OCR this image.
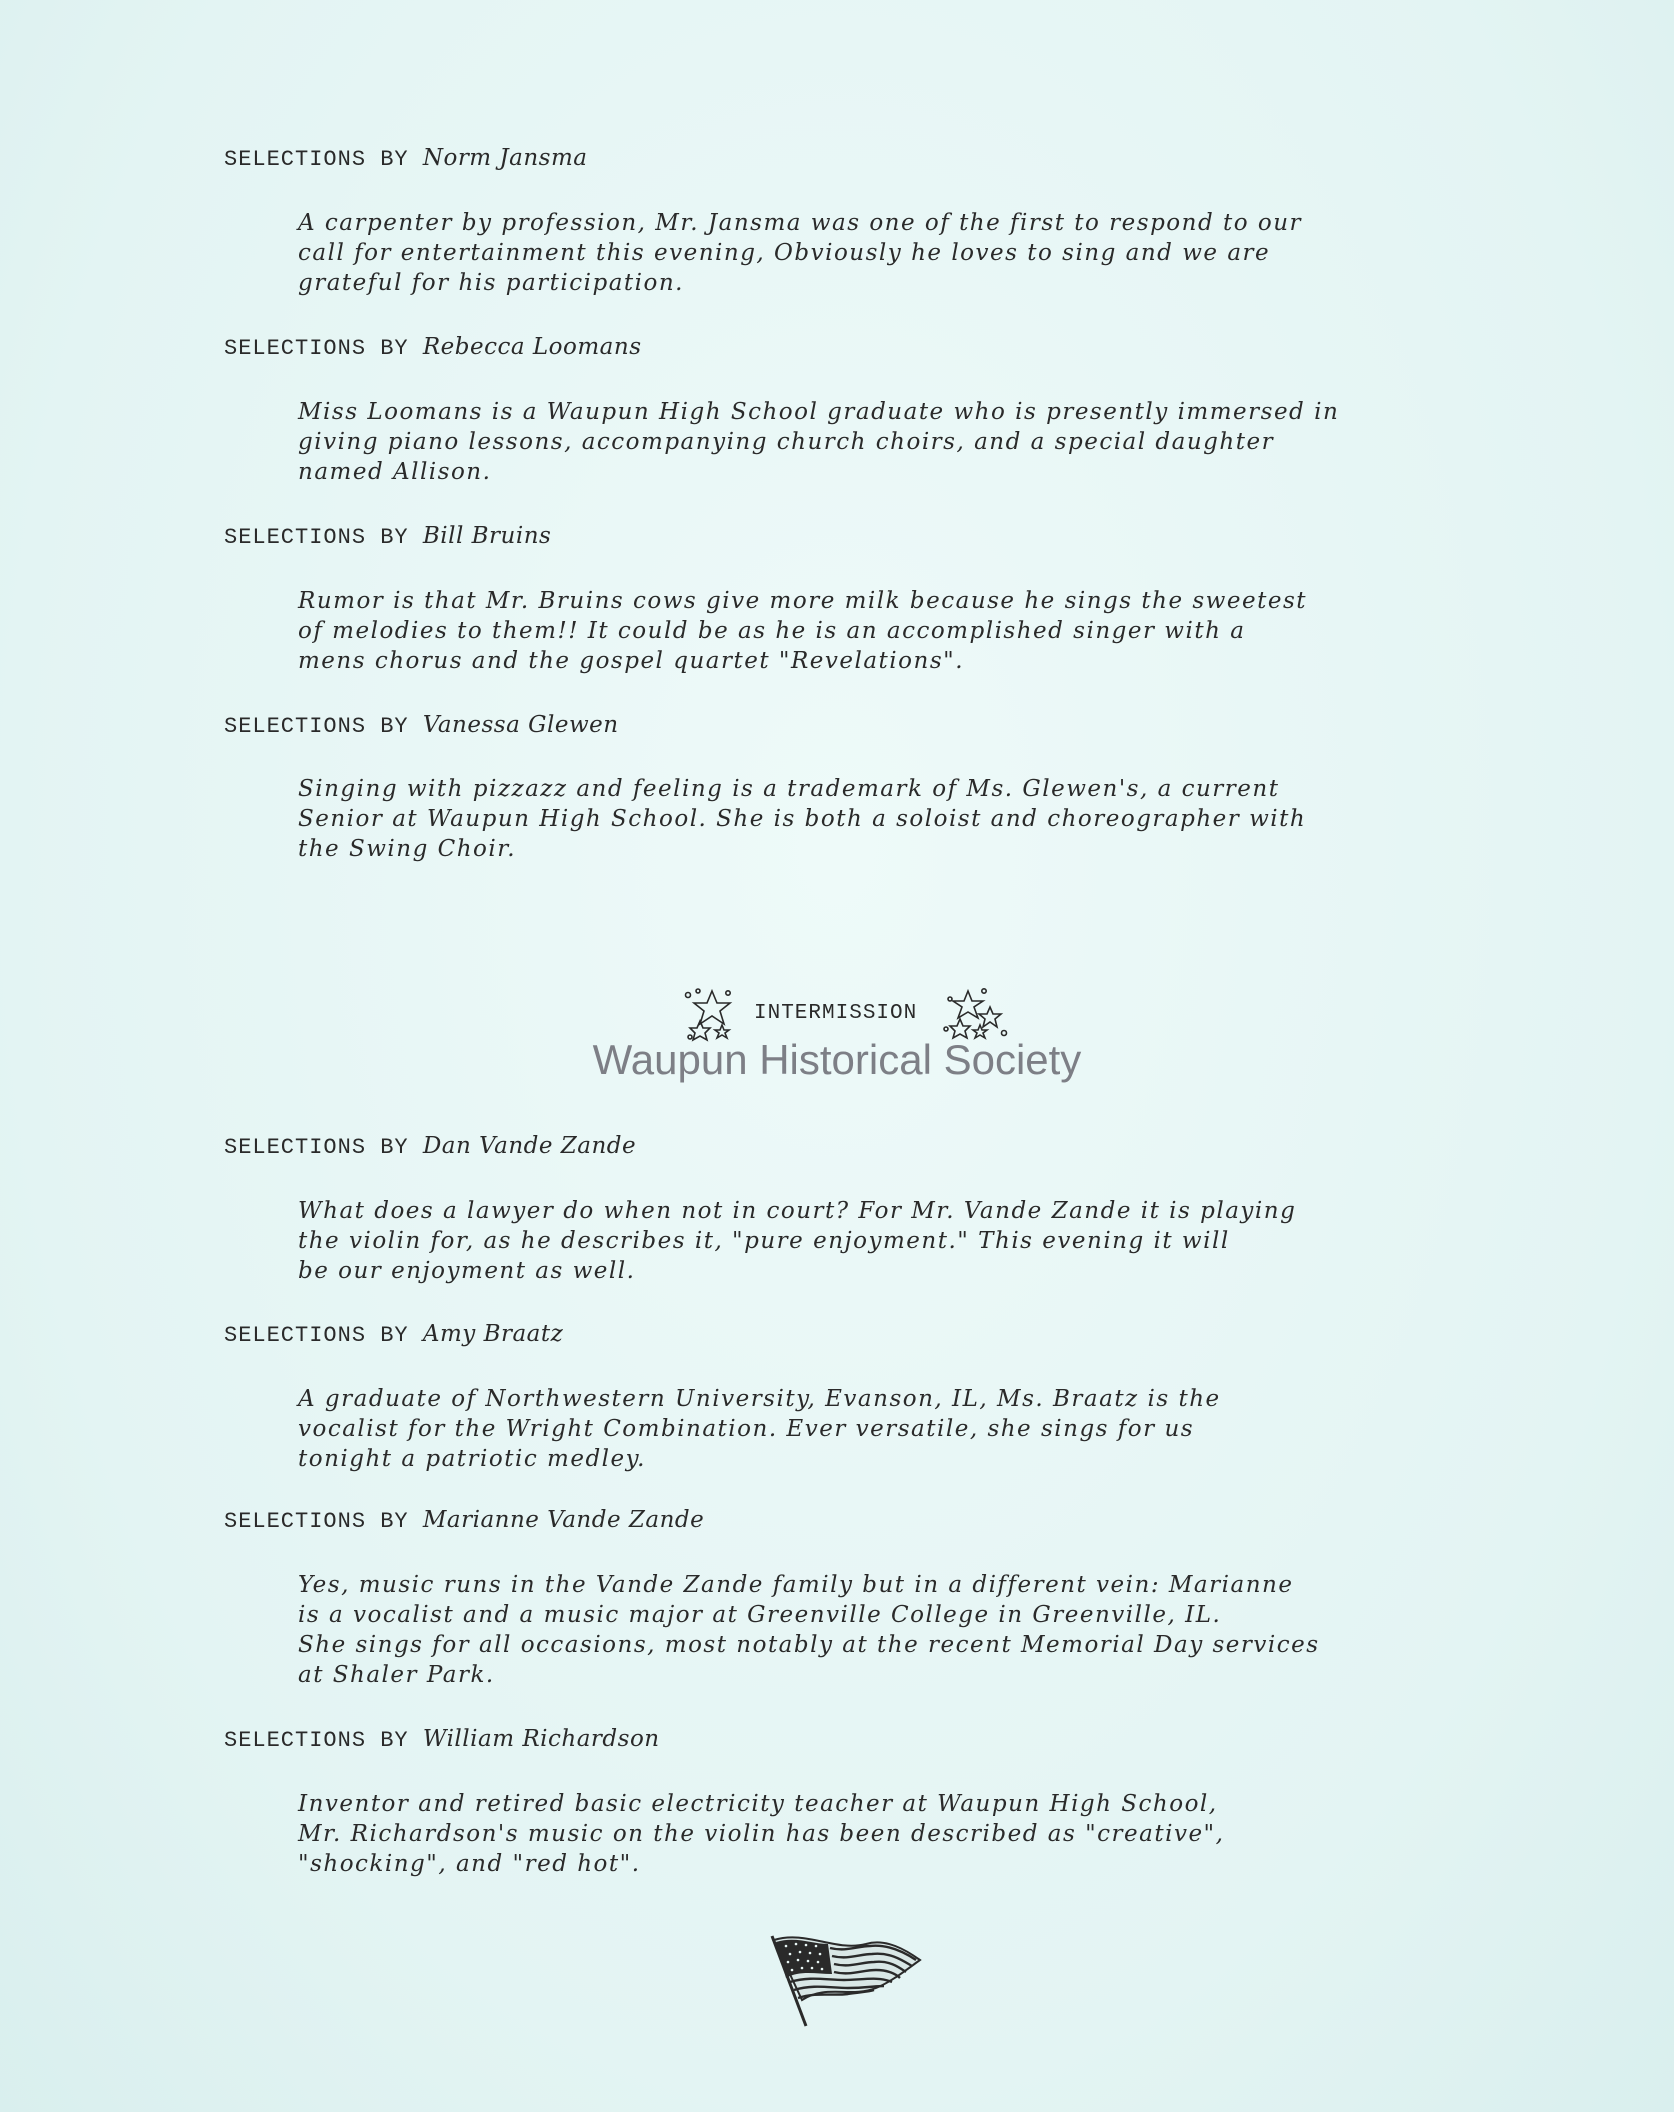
SELECTIONS BY Norm Jansma
A carpenter by profession, Mr. Jansma was one of the first to respond to our
call for entertainment this evening, Obviously he loves to sing and we are
grateful for his participation.
SELECTIONS BY Rebecca Loomans
Miss Loomans is a Waupun High School graduate who is presently immersed in
giving piano lessons, accompanying church choirs, and a special daughter
named Allison.
SELECTIONS BY Bill Bruins
Rumor is that Mr. Bruins cows give more milk because he sings the sweetest
of melodies to them!! It could be as he is an accomplished singer with a
mens chorus and the gospel quartet "Revelations".
SELECTIONS BY Vanessa Glewen
Singing with pizzazz and feeling is a trademark of Ms. Glewen's, a current
Senior at Waupun High School. She is both a soloist and choreographer with
the Swing Choir.
INTERMISSION
Waupun Historical Society
SELECTIONS BY Dan Vande Zande
What does a lawyer do when not in court? For Mr. Vande Zande it is playing
the violin for, as he describes it, "pure enjoyment." This evening it will
be our enjoyment as well.
SELECTIONS BY Amy Braatz
A graduate of Northwestern University, Evanson, IL, Ms. Braatz is the
vocalist for the Wright Combination. Ever versatile, she sings for us
tonight a patriotic medley.
SELECTIONS BY Marianne Vande Zande
Yes, music runs in the Vande Zande family but in a different vein: Marianne
is a vocalist and a music major at Greenville College in Greenville, IL.
She sings for all occasions, most notably at the recent Memorial Day services
at Shaler Park.
SELECTIONS BY William Richardson
Inventor and retired basic electricity teacher at Waupun High School,
Mr. Richardson's music on the violin has been described as "creative",
"shocking", and "red hot".
